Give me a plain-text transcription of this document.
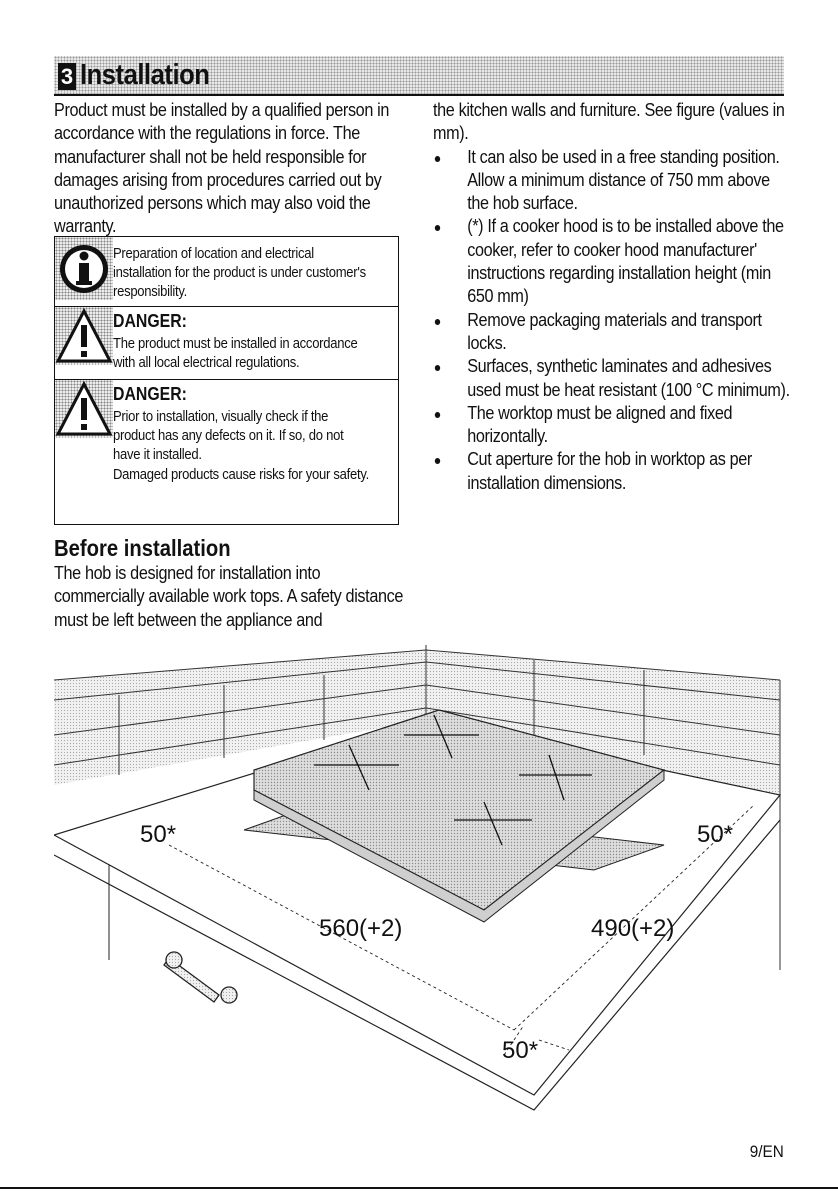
3 Installation

Product must be installed by a qualified person in accordance with the regulations in force. The manufacturer shall not be held responsible for damages arising from procedures carried out by unauthorized persons which may also void the warranty.

Preparation of location and electrical installation for the product is under customer's responsibility.

DANGER:

The product must be installed in accordance with all local electrical regulations.

DANGER:

Prior to installation, visually check if the product has any defects on it. If so, do not have it installed.

Damaged products cause risks for your safety.

Before installation

The hob is designed for installation into commercially available work tops. A safety distance must be left between the appliance and

the kitchen walls and furniture. See figure (values in mm).

It can also be used in a free standing position. Allow a minimum distance of 750 mm above the hob surface.
(*) If a cooker hood is to be installed above the cooker, refer to cooker hood manufacturer' instructions regarding installation height (min 650 mm)
Remove packaging materials and transport locks.
Surfaces, synthetic laminates and adhesives used must be heat resistant (100 °C minimum).
The worktop must be aligned and fixed horizontally.
Cut aperture for the hob in worktop as per installation dimensions.
50*	50*
560(+2)	490(+2)
50*
9/EN
